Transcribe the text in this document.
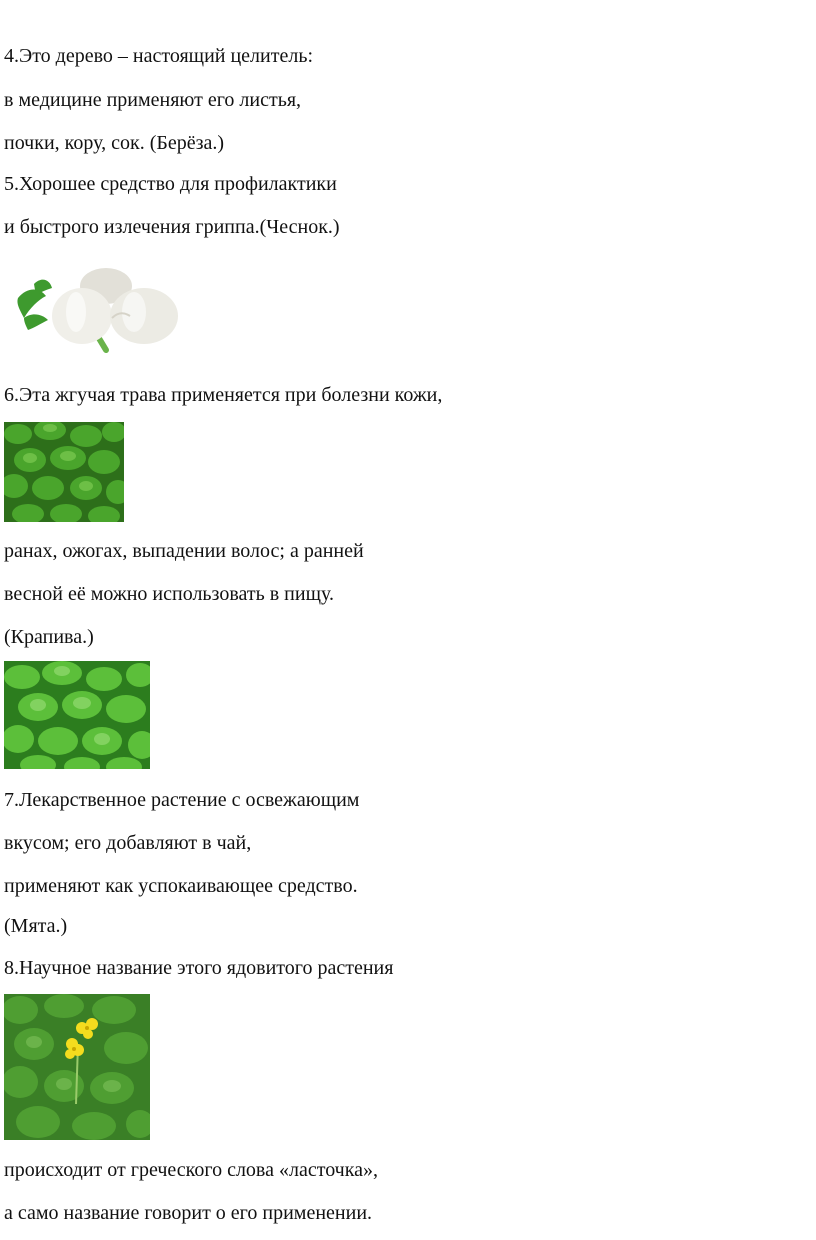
4.Это дерево – настоящий целитель:
в медицине применяют его листья,
почки, кору, сок. (Берёза.)
5.Хорошее средство для профилактики
и быстрого излечения гриппа.(Чеснок.)
6.Эта жгучая трава применяется при болезни кожи,
ранах, ожогах, выпадении волос; а ранней
весной её можно использовать в пищу.
(Крапива.)
7.Лекарственное растение с освежающим
вкусом; его добавляют в чай,
применяют как успокаивающее средство.
(Мята.)
8.Научное название этого ядовитого растения
происходит от греческого слова «ласточка»,
а само название говорит о его применении.
